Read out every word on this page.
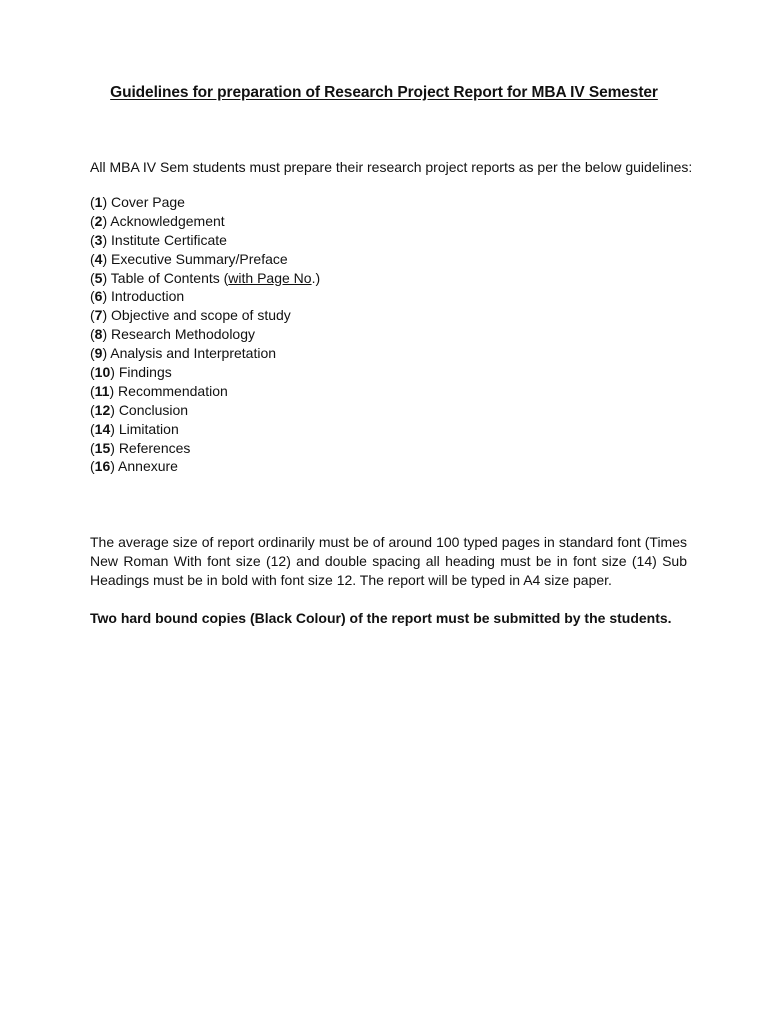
Guidelines for preparation of Research Project Report for MBA IV Semester
All MBA IV Sem students must prepare their research project reports as per the below guidelines:
(1) Cover Page
(2) Acknowledgement
(3) Institute Certificate
(4) Executive Summary/Preface
(5) Table of Contents (with Page No.)
(6) Introduction
(7) Objective and scope of study
(8) Research Methodology
(9) Analysis and Interpretation
(10) Findings
(11) Recommendation
(12) Conclusion
(14) Limitation
(15) References
(16) Annexure
The average size of report ordinarily must be of around 100 typed pages in standard font (Times New Roman With font size (12) and double spacing all heading must be in font size (14) Sub Headings must be in bold with font size 12. The report will be typed in A4 size paper.
Two hard bound copies (Black Colour) of the report must be submitted by the students.
